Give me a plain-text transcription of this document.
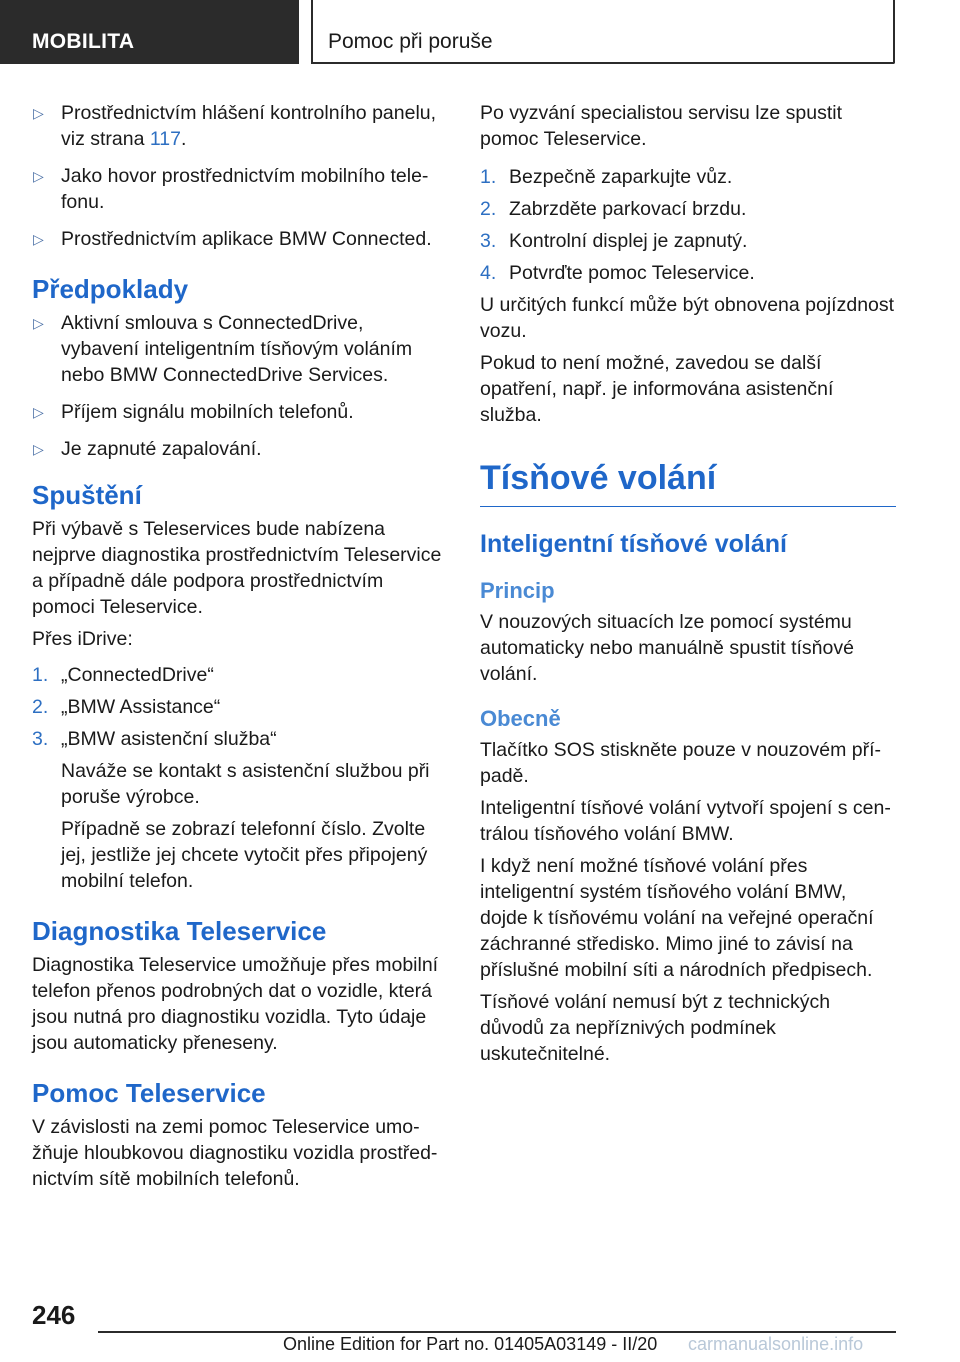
MOBILITA	Pomoc při poruše
▷ Prostřednictvím hlášení kontrolního panelu, viz strana 117.
▷ Jako hovor prostřednictvím mobilního telefonu.
▷ Prostřednictvím aplikace BMW Connected.
Předpoklady
▷ Aktivní smlouva s ConnectedDrive, vybavení inteligentním tísňovým voláním nebo BMW ConnectedDrive Services.
▷ Příjem signálu mobilních telefonů.
▷ Je zapnuté zapalování.
Spuštění

Při výbavě s Teleservices bude nabízena nejprve diagnostika prostřednictvím Teleservice a případně dále podpora prostřednictvím pomoci Teleservice.

Přes iDrive:

1. „ConnectedDrive“
2. „BMW Assistance“
3. „BMW asistenční služba“

Naváže se kontakt s asistenční službou při poruše výrobce.

Případně se zobrazí telefonní číslo. Zvolte jej, jestliže jej chcete vytočit přes připojený mobilní telefon.

Diagnostika Teleservice

Diagnostika Teleservice umožňuje přes mobilní telefon přenos podrobných dat o vozidle, která jsou nutná pro diagnostiku vozidla. Tyto údaje jsou automaticky přeneseny.

Pomoc Teleservice

V závislosti na zemi pomoc Teleservice umožňuje hloubkovou diagnostiku vozidla prostřednictvím sítě mobilních telefonů.

Po vyzvání specialistou servisu lze spustit pomoc Teleservice.

1. Bezpečně zaparkujte vůz.
2. Zabrzděte parkovací brzdu.
3. Kontrolní displej je zapnutý.
4. Potvrďte pomoc Teleservice.

U určitých funkcí může být obnovena pojízdnost vozu.

Pokud to není možné, zavedou se další opatření, např. je informována asistenční služba.

Tísňové volání
Inteligentní tísňové volání
Princip

V nouzových situacích lze pomocí systému automaticky nebo manuálně spustit tísňové volání.

Obecně

Tlačítko SOS stiskněte pouze v nouzovém případě.

Inteligentní tísňové volání vytvoří spojení s centrálou tísňového volání BMW.

I když není možné tísňové volání přes inteligentní systém tísňového volání BMW, dojde k tísňovému volání na veřejné operační záchranné středisko. Mimo jiné to závisí na příslušné mobilní síti a národních předpisech.

Tísňové volání nemusí být z technických důvodů za nepříznivých podmínek uskutečnitelné.

246
Online Edition for Part no. 01405A03149 - II/20 carmanualsonline.info
